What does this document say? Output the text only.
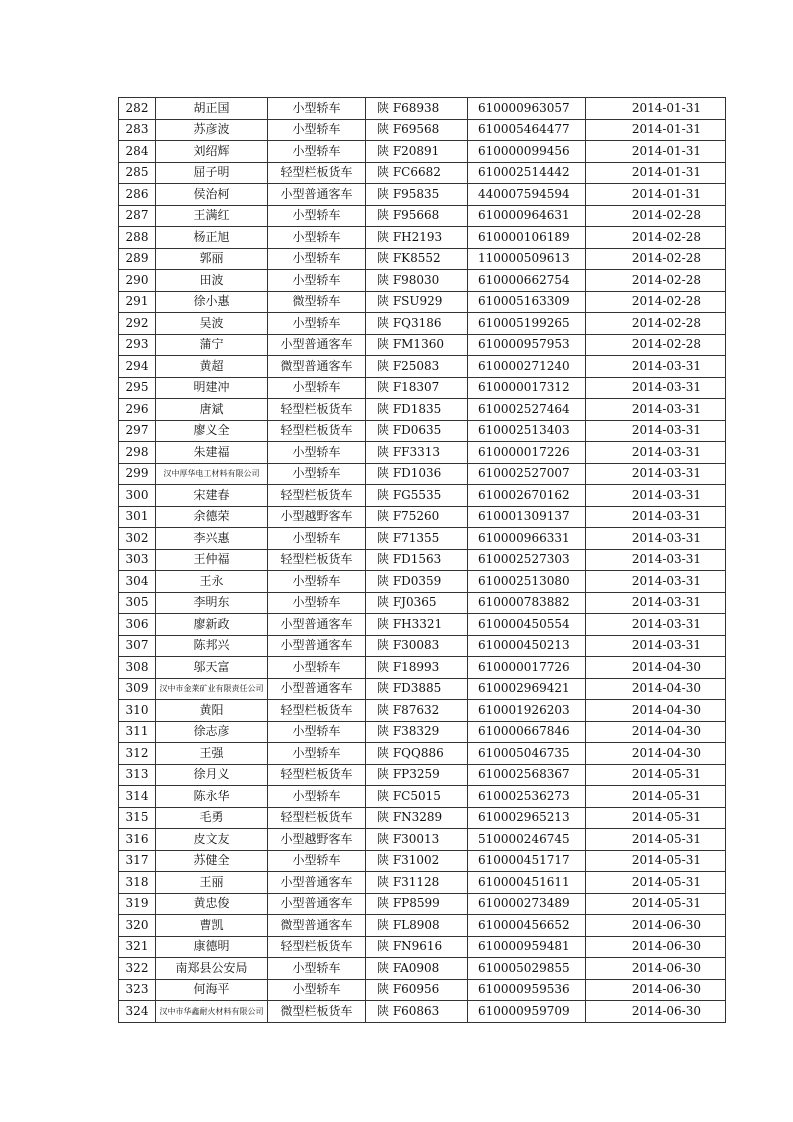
282	胡正国	小型轿车	陕 F68938	610000963057	2014-01-31
283	苏彦波	小型轿车	陕 F69568	610005464477	2014-01-31
284	刘绍辉	小型轿车	陕 F20891	610000099456	2014-01-31
285	屈子明	轻型栏板货车	陕 FC6682	610002514442	2014-01-31
286	侯治柯	小型普通客车	陕 F95835	440007594594	2014-01-31
287	王满红	小型轿车	陕 F95668	610000964631	2014-02-28
288	杨正旭	小型轿车	陕 FH2193	610000106189	2014-02-28
289	郭丽	小型轿车	陕 FK8552	110000509613	2014-02-28
290	田波	小型轿车	陕 F98030	610000662754	2014-02-28
291	徐小惠	微型轿车	陕 FSU929	610005163309	2014-02-28
292	吴波	小型轿车	陕 FQ3186	610005199265	2014-02-28
293	蒲宁	小型普通客车	陕 FM1360	610000957953	2014-02-28
294	黄超	微型普通客车	陕 F25083	610000271240	2014-03-31
295	明建冲	小型轿车	陕 F18307	610000017312	2014-03-31
296	唐斌	轻型栏板货车	陕 FD1835	610002527464	2014-03-31
297	廖义全	轻型栏板货车	陕 FD0635	610002513403	2014-03-31
298	朱建福	小型轿车	陕 FF3313	610000017226	2014-03-31
299	汉中厚华电工材料有限公司	小型轿车	陕 FD1036	610002527007	2014-03-31
300	宋建春	轻型栏板货车	陕 FG5535	610002670162	2014-03-31
301	余德荣	小型越野客车	陕 F75260	610001309137	2014-03-31
302	李兴惠	小型轿车	陕 F71355	610000966331	2014-03-31
303	王仲福	轻型栏板货车	陕 FD1563	610002527303	2014-03-31
304	王永	小型轿车	陕 FD0359	610002513080	2014-03-31
305	李明东	小型轿车	陕 FJ0365	610000783882	2014-03-31
306	廖新政	小型普通客车	陕 FH3321	610000450554	2014-03-31
307	陈邦兴	小型普通客车	陕 F30083	610000450213	2014-03-31
308	邬天富	小型轿车	陕 F18993	610000017726	2014-04-30
309	汉中市金莱矿业有限责任公司	小型普通客车	陕 FD3885	610002969421	2014-04-30
310	黄阳	轻型栏板货车	陕 F87632	610001926203	2014-04-30
311	徐志彦	小型轿车	陕 F38329	610000667846	2014-04-30
312	王强	小型轿车	陕 FQQ886	610005046735	2014-04-30
313	徐月义	轻型栏板货车	陕 FP3259	610002568367	2014-05-31
314	陈永华	小型轿车	陕 FC5015	610002536273	2014-05-31
315	毛勇	轻型栏板货车	陕 FN3289	610002965213	2014-05-31
316	皮文友	小型越野客车	陕 F30013	510000246745	2014-05-31
317	苏健全	小型轿车	陕 F31002	610000451717	2014-05-31
318	王丽	小型普通客车	陕 F31128	610000451611	2014-05-31
319	黄忠俊	小型普通客车	陕 FP8599	610000273489	2014-05-31
320	曹凯	微型普通客车	陕 FL8908	610000456652	2014-06-30
321	康德明	轻型栏板货车	陕 FN9616	610000959481	2014-06-30
322	南郑县公安局	小型轿车	陕 FA0908	610005029855	2014-06-30
323	何海平	小型轿车	陕 F60956	610000959536	2014-06-30
324	汉中市华鑫耐火材料有限公司	微型栏板货车	陕 F60863	610000959709	2014-06-30
